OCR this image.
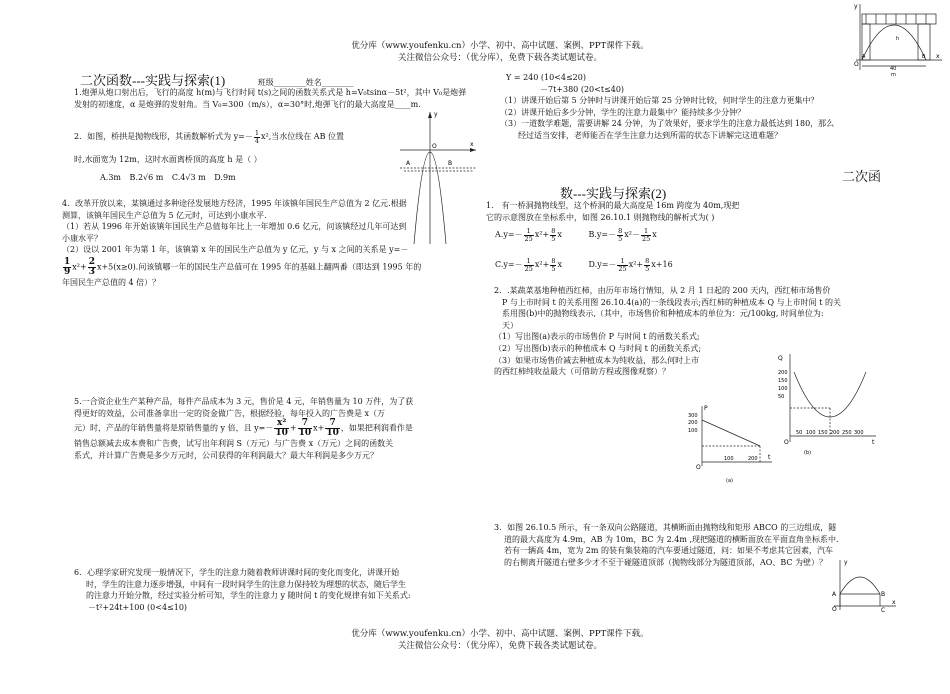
优分库（www.youfenku.cn）小学、初中、高中试题、案例、PPT课件下载。
关注微信公众号：（优分库），免费下载各类试题试卷。
y
x
O
A	B
h
40
m
二次函数---实践与探索(1)	班级________姓名________
1.炮弹从炮口射出后，飞行的高度 h(m)与飞行时间 t(s)之间的函数关系式是 h=V₀tsinα－5t²，其中 V₀是炮弹发射的初速度，α 是炮弹的发射角。当 V₀=300（m/s），α=30°时,炮弹飞行的最大高度是____m.
2．如图，桥拱是抛物线形，其函数解析式为 $y=- \frac{1}{4} x^2$,当水位线在 AB 位置
时,水面宽为 12m，这时水面离桥顶的高度 h 是（ ）
A.3m B.2√6 m C.4√3 m D.9m
y
x
O
A	B
4．改革开放以来，某镇通过多种途径发展地方经济，1995 年该镇年国民生产总值为 2 亿元.根据
测算，该镇年国民生产总值为 5 亿元时，可达到小康水平.
（1）若从 1996 年开始该镇年国民生产总值每年比上一年增加 0.6 亿元，问该镇经过几年可达到
小康水平？
（2）设以 2001 年为第 1 年，该镇第 x 年的国民生产总值为 y 亿元，y 与 x 之间的关系是 y=－
$\frac{1}{9} x^2+ \frac{2}{3} x+5(x\ge 0)$.问该镇哪一年的国民生产总值可在 1995 年的基础上翻两番（即达到 1995 年的
年国民生产总值的 4 倍）？
5.一合资企业生产某种产品，每件产品成本为 3 元，售价是 4 元，年销售量为 10 万件，为了获
得更好的效益，公司准备拿出一定的资金做广告，根据经验，每年投入的广告费是 x（万
元）时，产品的年销售量将是原销售量的 y 倍，且 $y=- \frac{\text{x²}}{10} + \frac{7}{10} x+ \frac{7}{10}$ ，如果把利润看作是
销售总额减去成本费和广告费，试写出年利润 S（万元）与广告费 x（万元）之间的函数关
系式，并计算广告费是多少万元时，公司获得的年利润最大？最大年利润是多少万元？
6．心理学家研究发现一般情况下，学生的注意力随着教师讲课时间的变化而变化，讲课开始
时，学生的注意力逐步增强，中间有一段时间学生的注意力保持较为理想的状态，随后学生
的注意力开始分散，经过实验分析可知，学生的注意力 y 随时间 t 的变化规律有如下关系式:
－t²+24t+100 (0<4≤10)
Y = 240 (10<4≤20)
－7t+380 (20<t≤40)
（1）讲课开始后第 5 分钟时与讲课开始后第 25 分钟时比较，何时学生的注意力更集中？
（2）讲课开始后多少分钟，学生的注意力最集中？能持续多少分钟？
（3）一道数学难题，需要讲解 24 分钟，为了效果好，要求学生的注意力最低达到 180，那么
经过适当安排，老师能否在学生注意力达到所需的状态下讲解完这道难题？
二次函
数---实践与探索(2)
1． 有一桥洞抛物线型，这个桥洞的最大高度是 16m 跨度为 40m,现把
它的示意图放在坐标系中，如图 26.10.1 则抛物线的解析式为( )
$A.y=- \frac{1}{25} x^2+ \frac{8}{5}$ x	$B.y=- \frac{8}{5} x^2- \frac{1}{25}$ x
$C.y=- \frac{1}{25} x^2+ \frac{8}{5}$ x	$D.y=- \frac{1}{25} x^2+ \frac{8}{5} x+16$
2．.某蔬菜基地种植西红柿，由历年市场行情知，从 2 月 1 日起的 200 天内，西红柿市场售价
P 与上市时间 t 的关系用图 26.10.4(a)的一条线段表示;西红柿的种植成本 Q 与上市时间 t 的关
系用图(b)中的抛物线表示,（其中，市场售价和种植成本的单位为：元/100kg, 时间单位为:
天）
（1）写出图(a)表示的市场售价 P 与时间 t 的函数关系式;
（2）写出图(b)表示的种植成本 Q 与时间 t 的函数关系式;
（3）如果市场售价减去种植成本为纯收益，那么何时上市
的西红柿纯收益最大（可借助方程或图像观察）？
P
t
O
300
200
100
100	200
(a)
Q
t
O
200
150
100
50
50 100 150 200 250 300
(b)
3．如图 26.10.5 所示，有一条双向公路隧道，其横断面由抛物线和矩形 ABCO 的三边组成，隧
道的最大高度为 4.9m，AB 为 10m，BC 为 2.4m ,现把隧道的横断面放在平面直角坐标系中.
若有一辆高 4m，宽为 2m 的装有集装箱的汽车要通过隧道，问：如果不考虑其它因素，汽车
的右侧离开隧道右壁多少才不至于碰隧道顶部（抛物线部分为隧道顶部，AO、BC 为壁）？	y
x
O
A	B
C
优分库（www.youfenku.cn）小学、初中、高中试题、案例、PPT课件下载。
关注微信公众号：（优分库），免费下载各类试题试卷。
